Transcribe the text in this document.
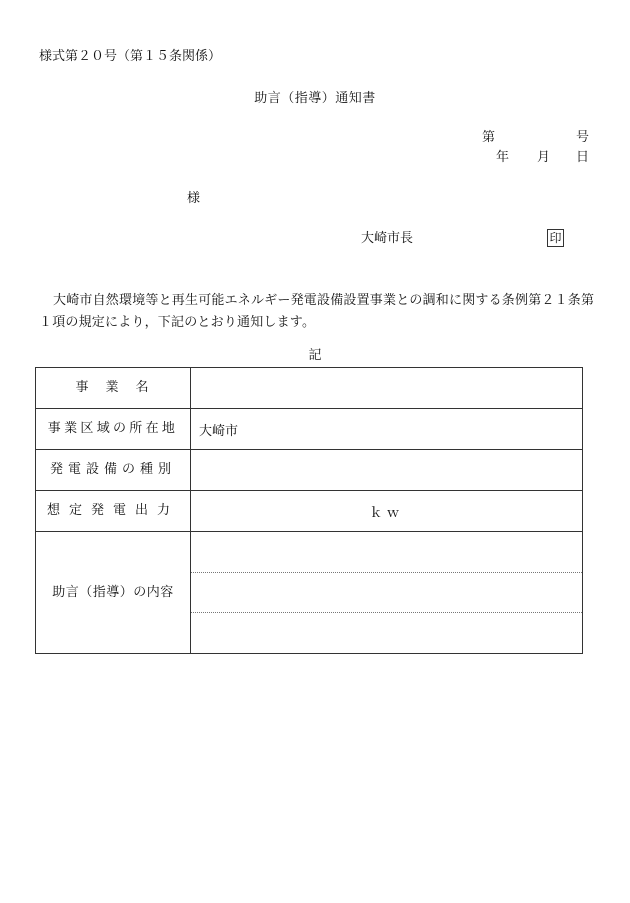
様式第２０号（第１５条関係）
助言（指導）通知書
第	号
年 月 日
様
大崎市長	印
大崎市自然環境等と再生可能エネルギー発電設備設置事業との調和に関する条例第２１条第１項の規定により，下記のとおり通知します。
記
事　業　名
事業区域の所在地	大崎市
発電設備の種別
想定発電出力	ｋｗ
助言（指導）の内容
